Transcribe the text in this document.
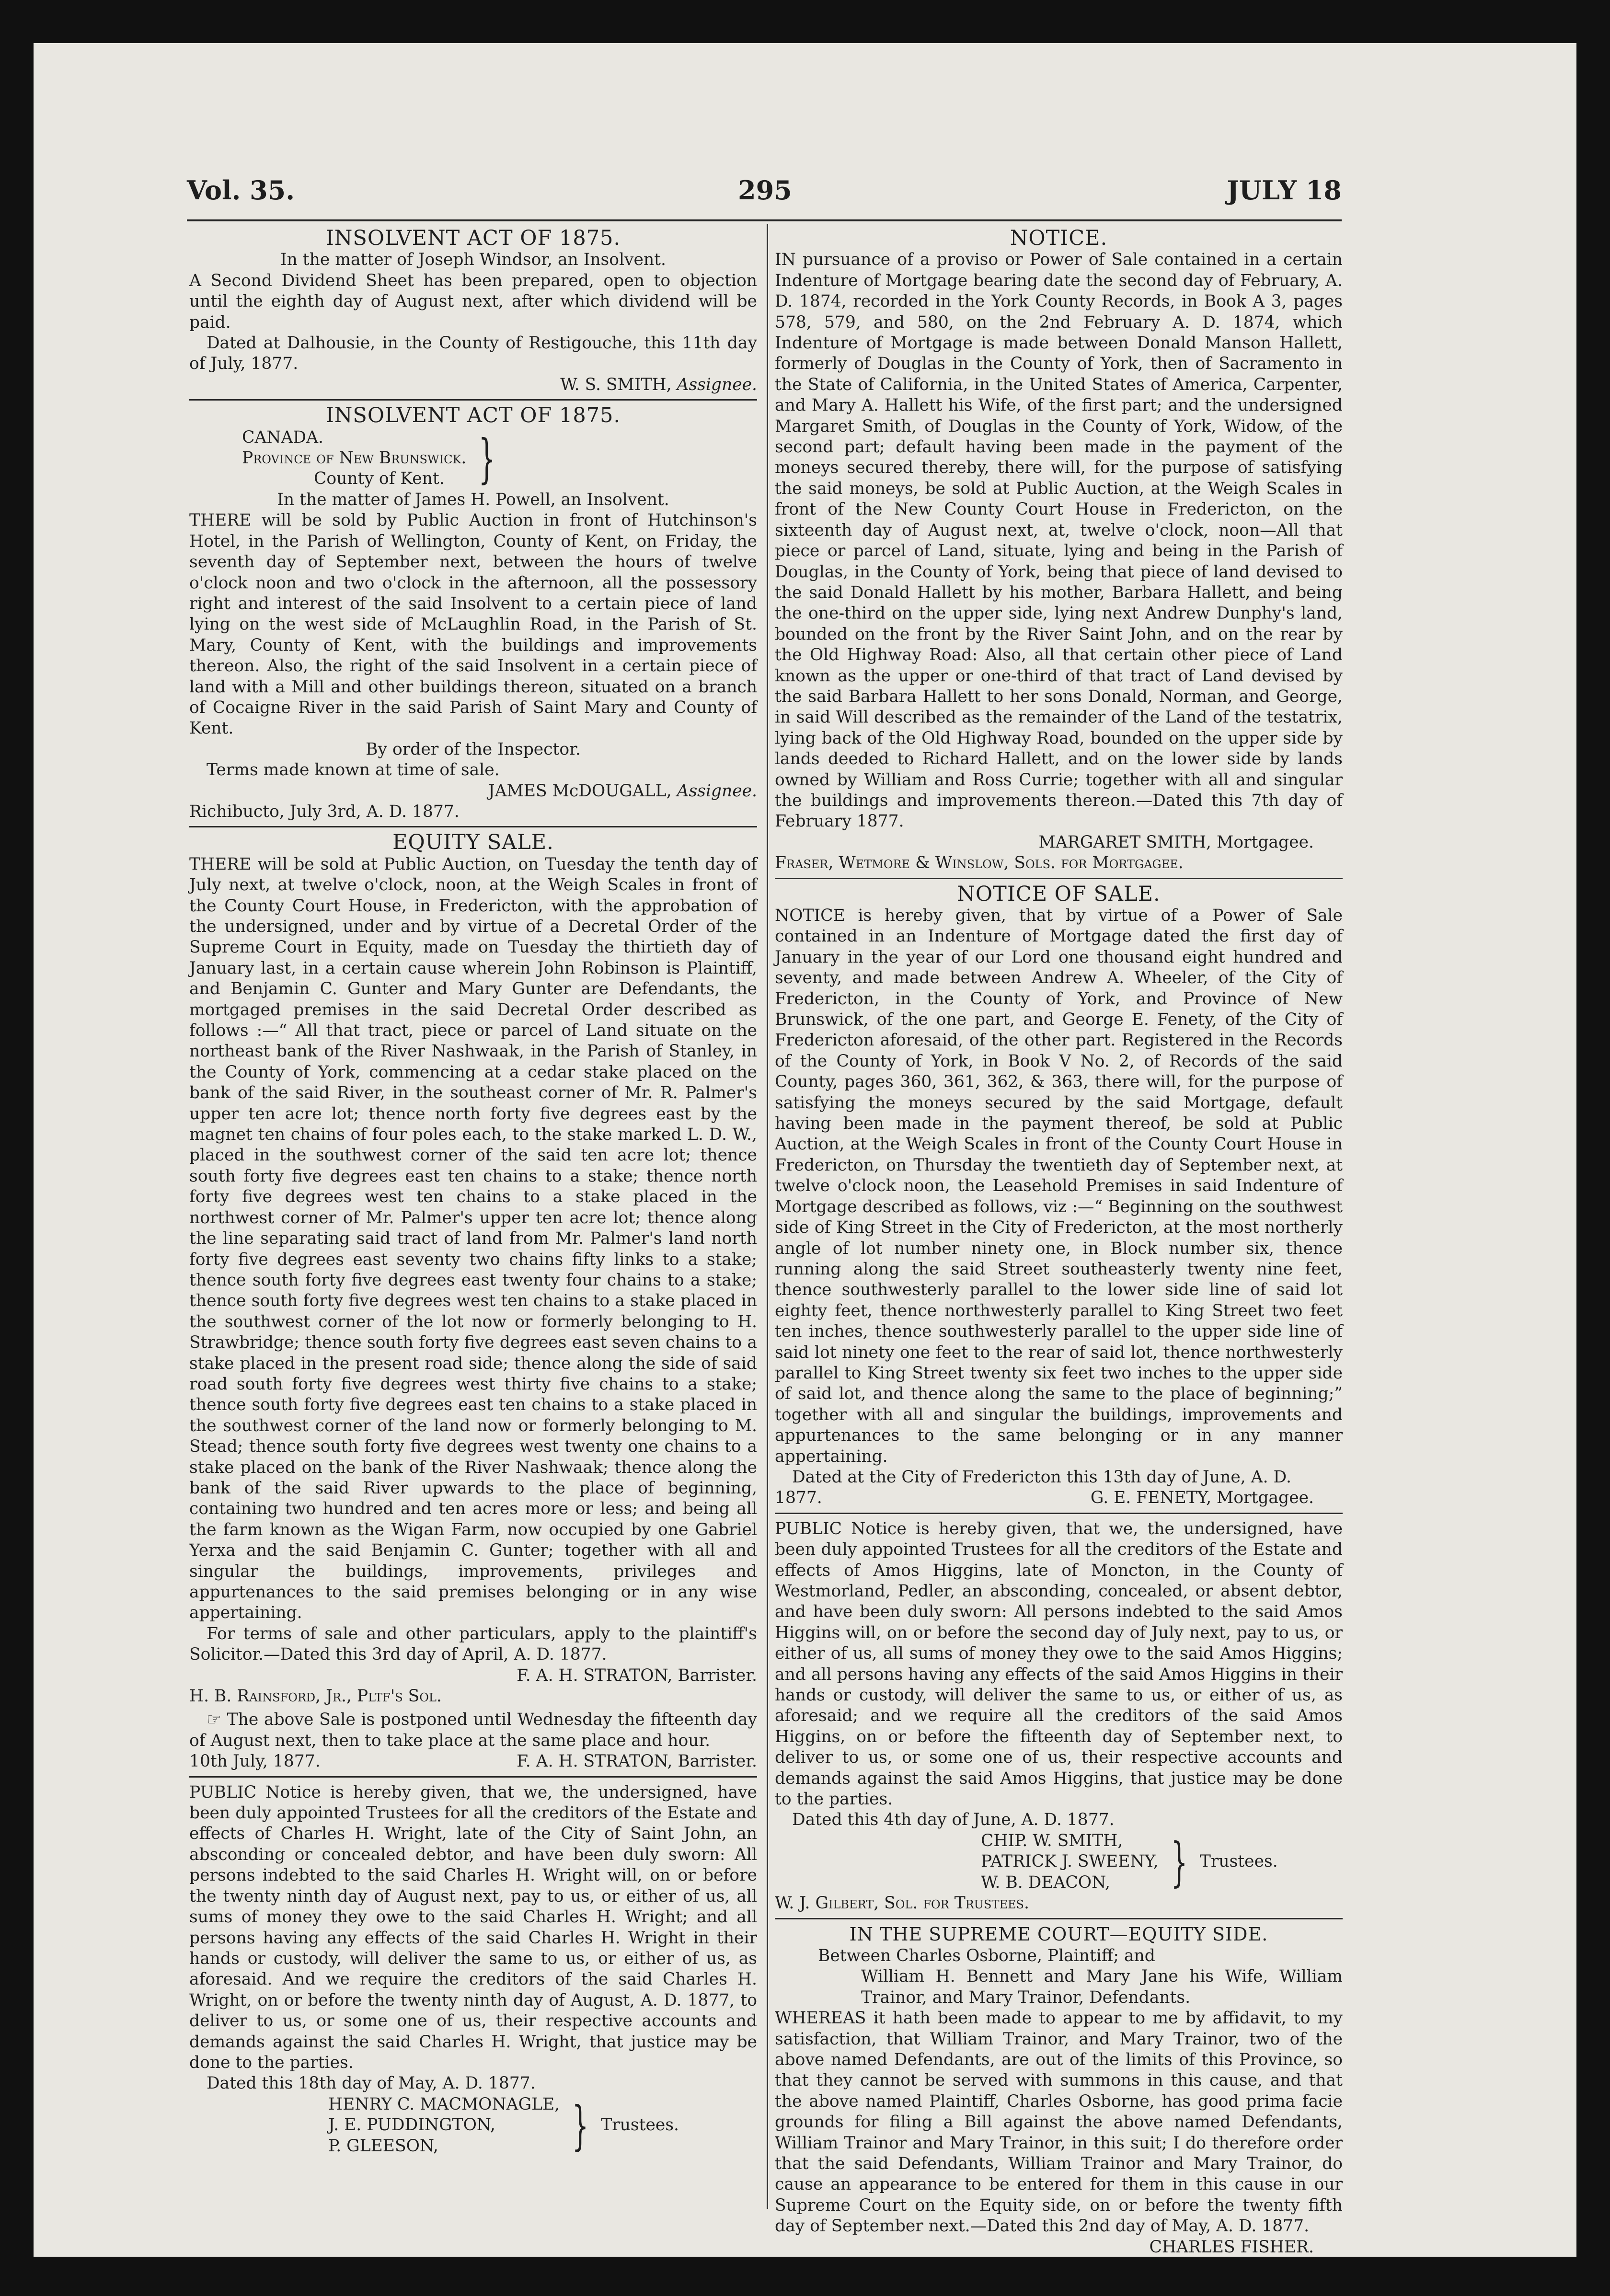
Vol. 35.	295	JULY 18
INSOLVENT ACT OF 1875.

In the matter of Joseph Windsor, an Insolvent.

A Second Dividend Sheet has been prepared, open to objection until the eighth day of August next, after which dividend will be paid.

Dated at Dalhousie, in the County of Restigouche, this 11th day of July, 1877.

W. S. SMITH, Assignee.

INSOLVENT ACT OF 1875.

CANADA.

Province of New Brunswick.

County of Kent. }

In the matter of James H. Powell, an Insolvent.

THERE will be sold by Public Auction in front of Hutchinson's Hotel, in the Parish of Wellington, County of Kent, on Friday, the seventh day of September next, between the hours of twelve o'clock noon and two o'clock in the afternoon, all the possessory right and interest of the said Insolvent to a certain piece of land lying on the west side of McLaughlin Road, in the Parish of St. Mary, County of Kent, with the buildings and improvements thereon. Also, the right of the said Insolvent in a certain piece of land with a Mill and other buildings thereon, situated on a branch of Cocaigne River in the said Parish of Saint Mary and County of Kent.

By order of the Inspector.

Terms made known at time of sale.

JAMES McDOUGALL, Assignee.

Richibucto, July 3rd, A. D. 1877.

EQUITY SALE.

THERE will be sold at Public Auction, on Tuesday the tenth day of July next, at twelve o'clock, noon, at the Weigh Scales in front of the County Court House, in Fredericton, with the approbation of the undersigned, under and by virtue of a Decretal Order of the Supreme Court in Equity, made on Tuesday the thirtieth day of January last, in a certain cause wherein John Robinson is Plaintiff, and Benjamin C. Gunter and Mary Gunter are Defendants, the mortgaged premises in the said Decretal Order described as follows :—“ All that tract, piece or parcel of Land situate on the northeast bank of the River Nashwaak, in the Parish of Stanley, in the County of York, commencing at a cedar stake placed on the bank of the said River, in the southeast corner of Mr. R. Palmer's upper ten acre lot; thence north forty five degrees east by the magnet ten chains of four poles each, to the stake marked L. D. W., placed in the southwest corner of the said ten acre lot; thence south forty five degrees east ten chains to a stake; thence north forty five degrees west ten chains to a stake placed in the northwest corner of Mr. Palmer's upper ten acre lot; thence along the line separating said tract of land from Mr. Palmer's land north forty five degrees east seventy two chains fifty links to a stake; thence south forty five degrees east twenty four chains to a stake; thence south forty five degrees west ten chains to a stake placed in the southwest corner of the lot now or formerly belonging to H. Strawbridge; thence south forty five degrees east seven chains to a stake placed in the present road side; thence along the side of said road south forty five degrees west thirty five chains to a stake; thence south forty five degrees east ten chains to a stake placed in the southwest corner of the land now or formerly belonging to M. Stead; thence south forty five degrees west twenty one chains to a stake placed on the bank of the River Nashwaak; thence along the bank of the said River upwards to the place of beginning, containing two hundred and ten acres more or less; and being all the farm known as the Wigan Farm, now occupied by one Gabriel Yerxa and the said Benjamin C. Gunter; together with all and singular the buildings, improvements, privileges and appurtenances to the said premises belonging or in any wise appertaining.

For terms of sale and other particulars, apply to the plaintiff's Solicitor.—Dated this 3rd day of April, A. D. 1877.

F. A. H. STRATON, Barrister.

H. B. Rainsford, Jr., Pltf's Sol.

☞ The above Sale is postponed until Wednesday the fifteenth day of August next, then to take place at the same place and hour.

10th July, 1877.	F. A. H. STRATON, Barrister.

PUBLIC Notice is hereby given, that we, the undersigned, have been duly appointed Trustees for all the creditors of the Estate and effects of Charles H. Wright, late of the City of Saint John, an absconding or concealed debtor, and have been duly sworn: All persons indebted to the said Charles H. Wright will, on or before the twenty ninth day of August next, pay to us, or either of us, all sums of money they owe to the said Charles H. Wright; and all persons having any effects of the said Charles H. Wright in their hands or custody, will deliver the same to us, or either of us, as aforesaid. And we require the creditors of the said Charles H. Wright, on or before the twenty ninth day of August, A. D. 1877, to deliver to us, or some one of us, their respective accounts and demands against the said Charles H. Wright, that justice may be done to the parties.

Dated this 18th day of May, A. D. 1877.

HENRY C. MACMONAGLE,

J. E. PUDDINGTON,

P. GLEESON,	} Trustees.
NOTICE.

IN pursuance of a proviso or Power of Sale contained in a certain Indenture of Mortgage bearing date the second day of February, A. D. 1874, recorded in the York County Records, in Book A 3, pages 578, 579, and 580, on the 2nd February A. D. 1874, which Indenture of Mortgage is made between Donald Manson Hallett, formerly of Douglas in the County of York, then of Sacramento in the State of California, in the United States of America, Carpenter, and Mary A. Hallett his Wife, of the first part; and the undersigned Margaret Smith, of Douglas in the County of York, Widow, of the second part; default having been made in the payment of the moneys secured thereby, there will, for the purpose of satisfying the said moneys, be sold at Public Auction, at the Weigh Scales in front of the New County Court House in Fredericton, on the sixteenth day of August next, at, twelve o'clock, noon—All that piece or parcel of Land, situate, lying and being in the Parish of Douglas, in the County of York, being that piece of land devised to the said Donald Hallett by his mother, Barbara Hallett, and being the one-third on the upper side, lying next Andrew Dunphy's land, bounded on the front by the River Saint John, and on the rear by the Old Highway Road: Also, all that certain other piece of Land known as the upper or one-third of that tract of Land devised by the said Barbara Hallett to her sons Donald, Norman, and George, in said Will described as the remainder of the Land of the testatrix, lying back of the Old Highway Road, bounded on the upper side by lands deeded to Richard Hallett, and on the lower side by lands owned by William and Ross Currie; together with all and singular the buildings and improvements thereon.—Dated this 7th day of February 1877.

MARGARET SMITH, Mortgagee.

Fraser, Wetmore & Winslow, Sols. for Mortgagee.

NOTICE OF SALE.

NOTICE is hereby given, that by virtue of a Power of Sale contained in an Indenture of Mortgage dated the first day of January in the year of our Lord one thousand eight hundred and seventy, and made between Andrew A. Wheeler, of the City of Fredericton, in the County of York, and Province of New Brunswick, of the one part, and George E. Fenety, of the City of Fredericton aforesaid, of the other part. Registered in the Records of the County of York, in Book V No. 2, of Records of the said County, pages 360, 361, 362, & 363, there will, for the purpose of satisfying the moneys secured by the said Mortgage, default having been made in the payment thereof, be sold at Public Auction, at the Weigh Scales in front of the County Court House in Fredericton, on Thursday the twentieth day of September next, at twelve o'clock noon, the Leasehold Premises in said Indenture of Mortgage described as follows, viz :—“ Beginning on the southwest side of King Street in the City of Fredericton, at the most northerly angle of lot number ninety one, in Block number six, thence running along the said Street southeasterly twenty nine feet, thence southwesterly parallel to the lower side line of said lot eighty feet, thence northwesterly parallel to King Street two feet ten inches, thence southwesterly parallel to the upper side line of said lot ninety one feet to the rear of said lot, thence northwesterly parallel to King Street twenty six feet two inches to the upper side of said lot, and thence along the same to the place of beginning;” together with all and singular the buildings, improvements and appurtenances to the same belonging or in any manner appertaining.

Dated at the City of Fredericton this 13th day of June, A. D.

1877.	G. E. FENETY, Mortgagee.

PUBLIC Notice is hereby given, that we, the undersigned, have been duly appointed Trustees for all the creditors of the Estate and effects of Amos Higgins, late of Moncton, in the County of Westmorland, Pedler, an absconding, concealed, or absent debtor, and have been duly sworn: All persons indebted to the said Amos Higgins will, on or before the second day of July next, pay to us, or either of us, all sums of money they owe to the said Amos Higgins; and all persons having any effects of the said Amos Higgins in their hands or custody, will deliver the same to us, or either of us, as aforesaid; and we require all the creditors of the said Amos Higgins, on or before the fifteenth day of September next, to deliver to us, or some one of us, their respective accounts and demands against the said Amos Higgins, that justice may be done to the parties.

Dated this 4th day of June, A. D. 1877.

CHIP. W. SMITH,

PATRICK J. SWEENY,

W. B. DEACON,	} Trustees.

W. J. Gilbert, Sol. for Trustees.

IN THE SUPREME COURT—EQUITY SIDE.

Between Charles Osborne, Plaintiff; and

William H. Bennett and Mary Jane his Wife, William Trainor, and Mary Trainor, Defendants.

WHEREAS it hath been made to appear to me by affidavit, to my satisfaction, that William Trainor, and Mary Trainor, two of the above named Defendants, are out of the limits of this Province, so that they cannot be served with summons in this cause, and that the above named Plaintiff, Charles Osborne, has good prima facie grounds for filing a Bill against the above named Defendants, William Trainor and Mary Trainor, in this suit; I do therefore order that the said Defendants, William Trainor and Mary Trainor, do cause an appearance to be entered for them in this cause in our Supreme Court on the Equity side, on or before the twenty fifth day of September next.—Dated this 2nd day of May, A. D. 1877.

CHARLES FISHER.
